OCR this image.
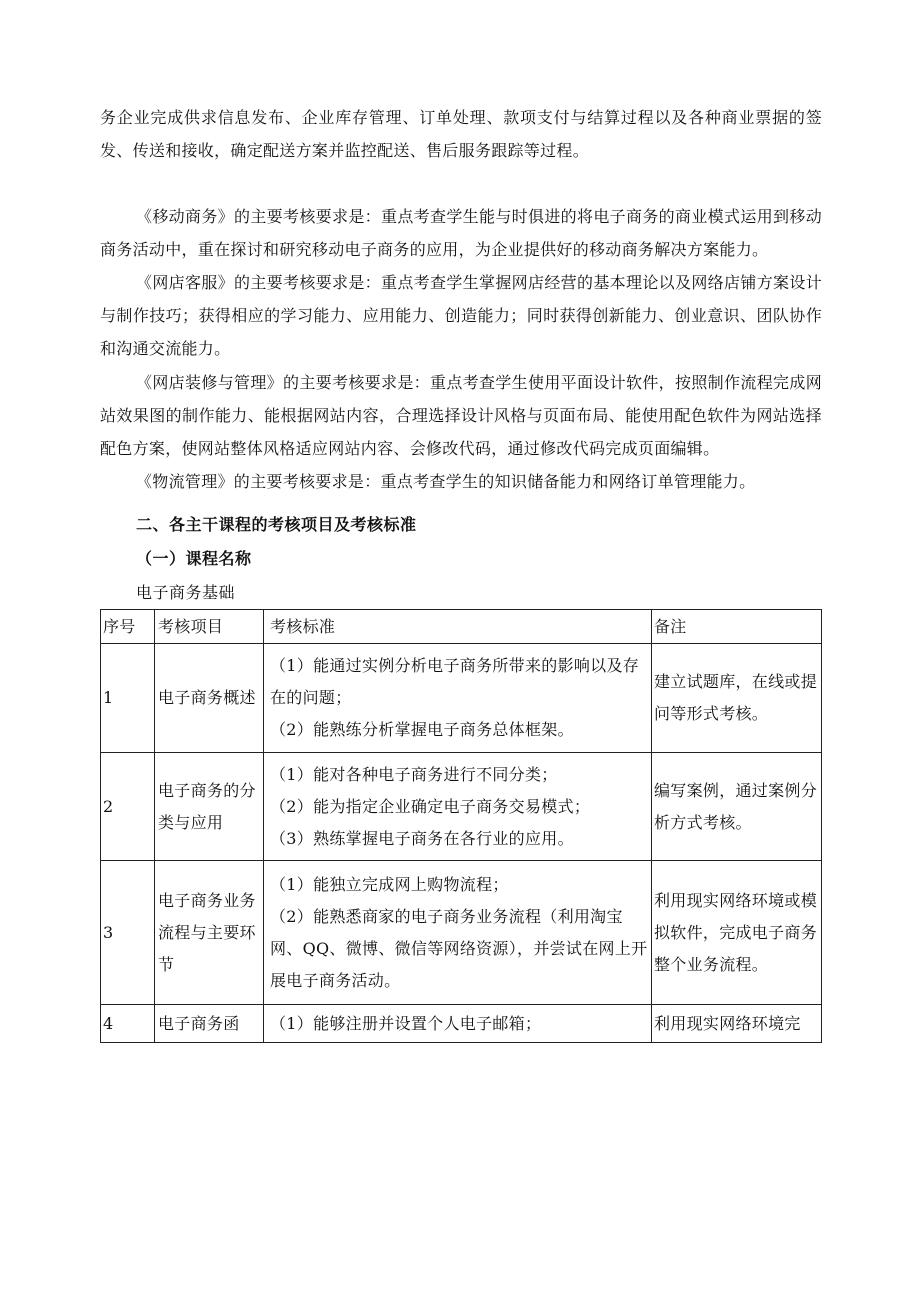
务企业完成供求信息发布、企业库存管理、订单处理、款项支付与结算过程以及各种商业票据的签发、传送和接收，确定配送方案并监控配送、售后服务跟踪等过程。

《移动商务》的主要考核要求是：重点考查学生能与时俱进的将电子商务的商业模式运用到移动商务活动中，重在探讨和研究移动电子商务的应用，为企业提供好的移动商务解决方案能力。

《网店客服》的主要考核要求是：重点考查学生掌握网店经营的基本理论以及网络店铺方案设计与制作技巧；获得相应的学习能力、应用能力、创造能力；同时获得创新能力、创业意识、团队协作和沟通交流能力。

《网店装修与管理》的主要考核要求是：重点考查学生使用平面设计软件，按照制作流程完成网站效果图的制作能力、能根据网站内容，合理选择设计风格与页面布局、能使用配色软件为网站选择配色方案，使网站整体风格适应网站内容、会修改代码，通过修改代码完成页面编辑。

《物流管理》的主要考核要求是：重点考查学生的知识储备能力和网络订单管理能力。

二、各主干课程的考核项目及考核标准

（一）课程名称

电子商务基础

序号	考核项目	考核标准	备注
1	电子商务概述	（1）能通过实例分析电子商务所带来的影响以及存在的问题；
（2）能熟练分析掌握电子商务总体框架。	建立试题库，在线或提问等形式考核。
2	电子商务的分类与应用	（1）能对各种电子商务进行不同分类；
（2）能为指定企业确定电子商务交易模式；
（3）熟练掌握电子商务在各行业的应用。	编写案例，通过案例分析方式考核。
3	电子商务业务流程与主要环节	（1）能独立完成网上购物流程；
（2）能熟悉商家的电子商务业务流程（利用淘宝网、QQ、微博、微信等网络资源），并尝试在网上开展电子商务活动。	利用现实网络环境或模拟软件，完成电子商务整个业务流程。
4	电子商务函	（1）能够注册并设置个人电子邮箱；	利用现实网络环境完
